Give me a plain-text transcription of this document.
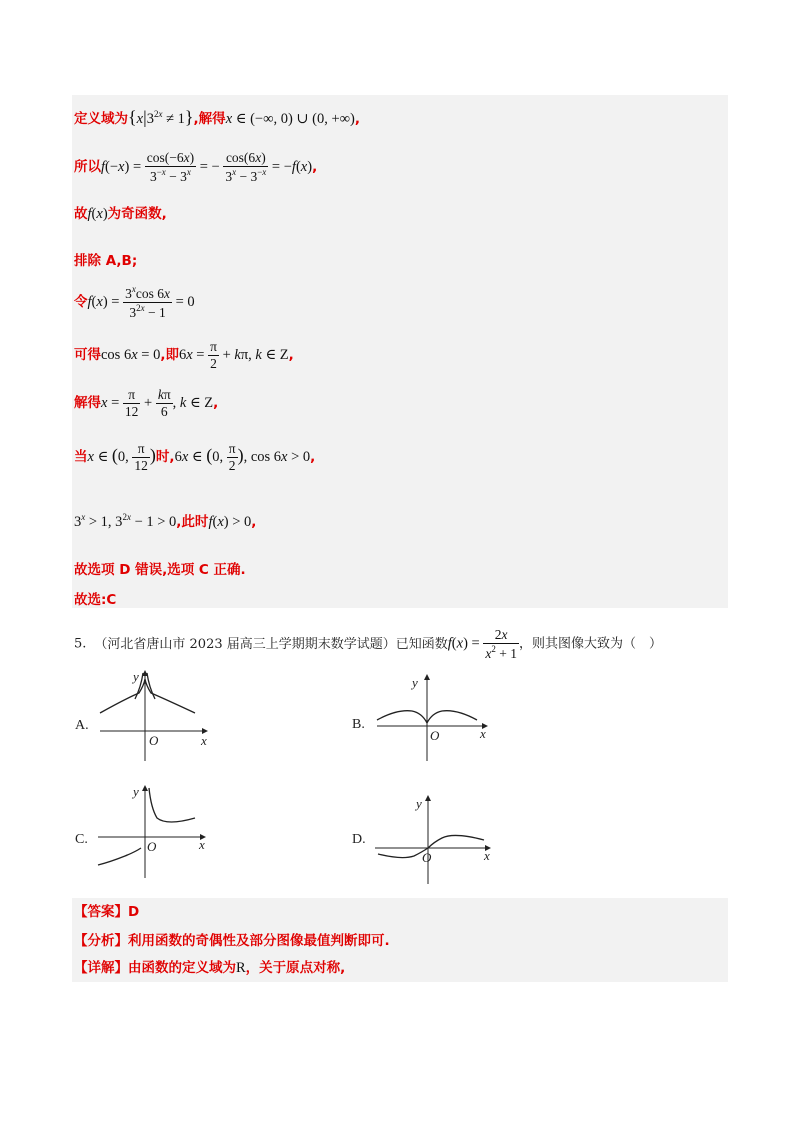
定义域为$\{x|3^{2x} \ne 1\}$,解得x ∈ (−∞, 0) ∪ (0, +∞),
所以$f(-x) = \frac{\cos(-6x)}{3^{-x} - 3^x}$ = − $\frac{\cos(6x)}{3^x - 3^{-x}} = -f(x)$,
故f(x)为奇函数,
排除 A,B;
令$f(x) = \frac{3^x\cos 6x}{3^{2x} - 1} = 0$
可得cos 6x = 0,即$6x = \frac{\pi}{2} + k\pi$, k ∈ Z,
解得$x = \frac{\pi}{12} + \frac{k\pi}{6}$ , k ∈ Z,
当x ∈ (0, $\frac{\pi}{12}$ )时,6x ∈ (0, $\frac{\pi}{2}$ ), cos 6x > 0,
$3^x > 1$, $3^{2x} - 1 > 0$,此时f(x) > 0,
故选项 D 错误,选项 C 正确.
故选:C
5. （河北省唐山市 2023 届高三上学期期末数学试题）已知函数$f(x) = \frac{2x}{x^2 + 1}$ ，则其图像大致为（　）
A.	B.
C.	D.
y
O	x
y
O	x
y
O	x
y
O	x
【答案】D
【分析】利用函数的奇偶性及部分图像最值判断即可.
【详解】由函数的定义域为R，关于原点对称,
